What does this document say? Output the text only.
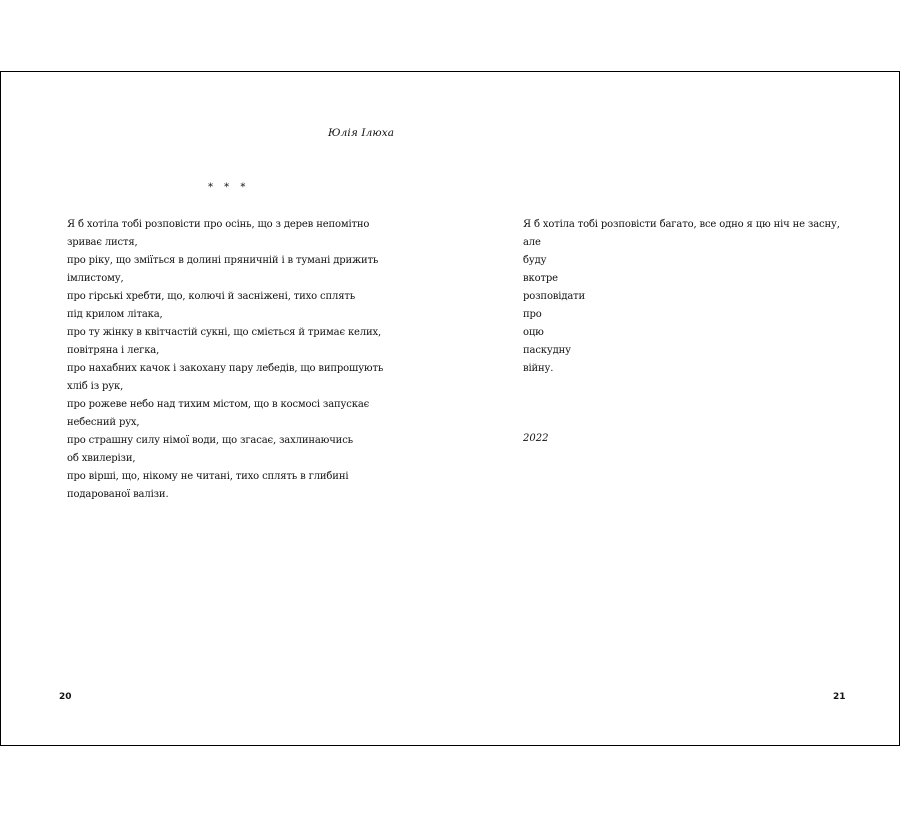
Юлія Ілюха
* * *
Я б хотіла тобі розповісти про осінь, що з дерев непомітно
зриває листя,
про ріку, що зміїться в долині пряничній і в тумані дрижить
імлистому,
про гірські хребти, що, колючі й засніжені, тихо сплять
під крилом літака,
про ту жінку в квітчастій сукні, що сміється й тримає келих,
повітряна і легка,
про нахабних качок і закохану пару лебедів, що випрошують
хліб із рук,
про рожеве небо над тихим містом, що в космосі запускає
небесний рух,
про страшну силу німої води, що згасає, захлинаючись
об хвилерізи,
про вірші, що, нікому не читані, тихо сплять в глибині
подарованої валізи.
Я б хотіла тобі розповісти багато, все одно я цю ніч не засну,
але
буду
вкотре
розповідати
про
оцю
паскудну
війну.
2022
20	21
